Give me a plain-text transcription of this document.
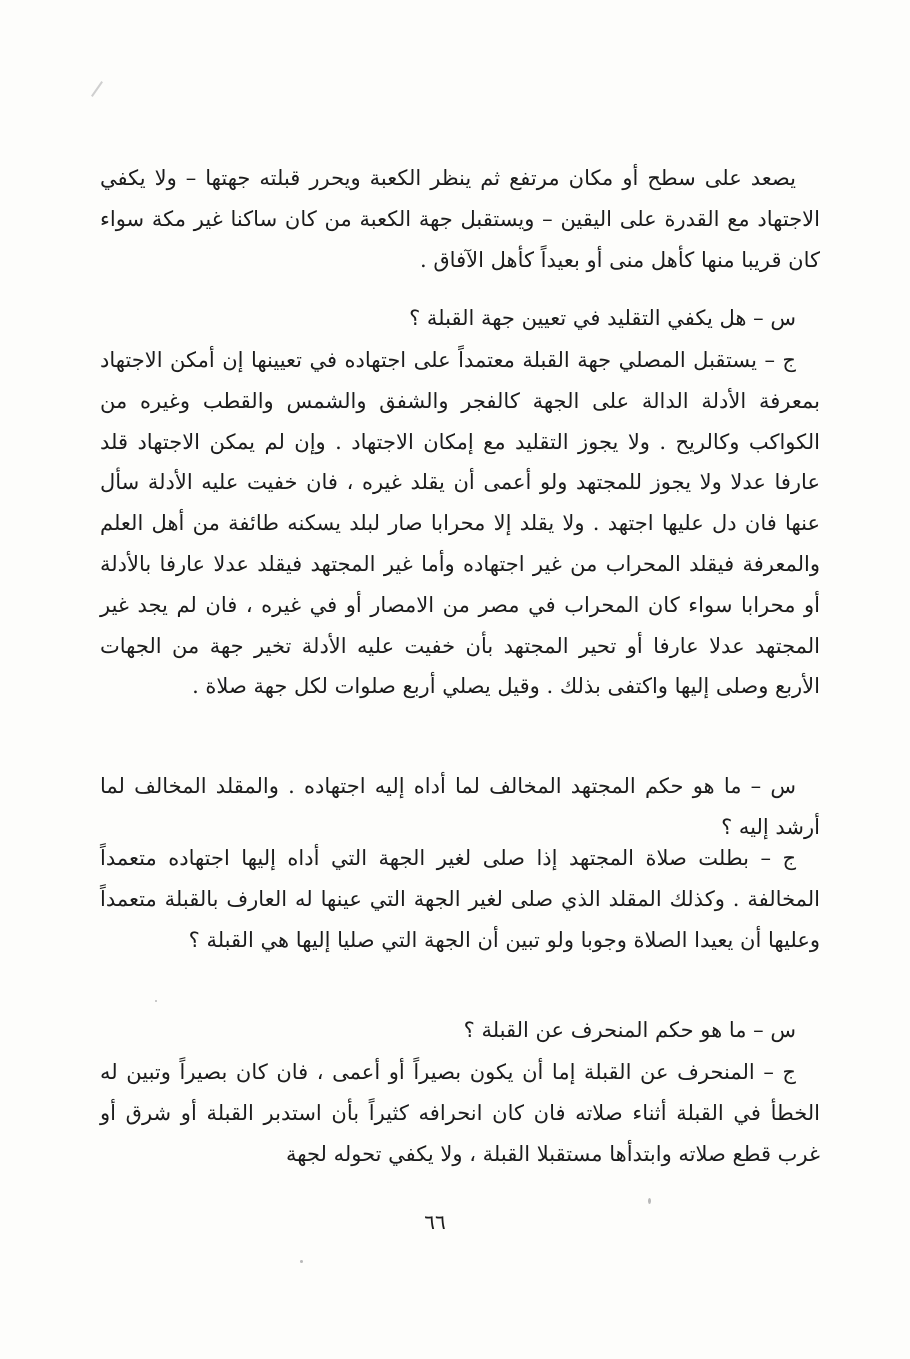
يصعد على سطح أو مكان مرتفع ثم ينظر الكعبة ويحرر قبلته جهتها – ولا يكفي الاجتهاد مع القدرة على اليقين – ويستقبل جهة الكعبة من كان ساكنا غير مكة سواء كان قريبا منها كأهل منى أو بعيداً كأهل الآفاق .

س – هل يكفي التقليد في تعيين جهة القبلة ؟

ج – يستقبل المصلي جهة القبلة معتمداً على اجتهاده في تعيينها إن أمكن الاجتهاد بمعرفة الأدلة الدالة على الجهة كالفجر والشفق والشمس والقطب وغيره من الكواكب وكالريح . ولا يجوز التقليد مع إمكان الاجتهاد . وإن لم يمكن الاجتهاد قلد عارفا عدلا ولا يجوز للمجتهد ولو أعمى أن يقلد غيره ، فان خفيت عليه الأدلة سأل عنها فان دل عليها اجتهد . ولا يقلد إلا محرابا صار لبلد يسكنه طائفة من أهل العلم والمعرفة فيقلد المحراب من غير اجتهاده وأما غير المجتهد فيقلد عدلا عارفا بالأدلة أو محرابا سواء كان المحراب في مصر من الامصار أو في غيره ، فان لم يجد غير المجتهد عدلا عارفا أو تحير المجتهد بأن خفيت عليه الأدلة تخير جهة من الجهات الأربع وصلى إليها واكتفى بذلك . وقيل يصلي أربع صلوات لكل جهة صلاة .

س – ما هو حكم المجتهد المخالف لما أداه إليه اجتهاده . والمقلد المخالف لما أرشد إليه ؟

ج – بطلت صلاة المجتهد إذا صلى لغير الجهة التي أداه إليها اجتهاده متعمداً المخالفة . وكذلك المقلد الذي صلى لغير الجهة التي عينها له العارف بالقبلة متعمداً وعليها أن يعيدا الصلاة وجوبا ولو تبين أن الجهة التي صليا إليها هي القبلة ؟

س – ما هو حكم المنحرف عن القبلة ؟

ج – المنحرف عن القبلة إما أن يكون بصيراً أو أعمى ، فان كان بصيراً وتبين له الخطأ في القبلة أثناء صلاته فان كان انحرافه كثيراً بأن استدبر القبلة أو شرق أو غرب قطع صلاته وابتدأها مستقبلا القبلة ، ولا يكفي تحوله لجهة

٦٦
